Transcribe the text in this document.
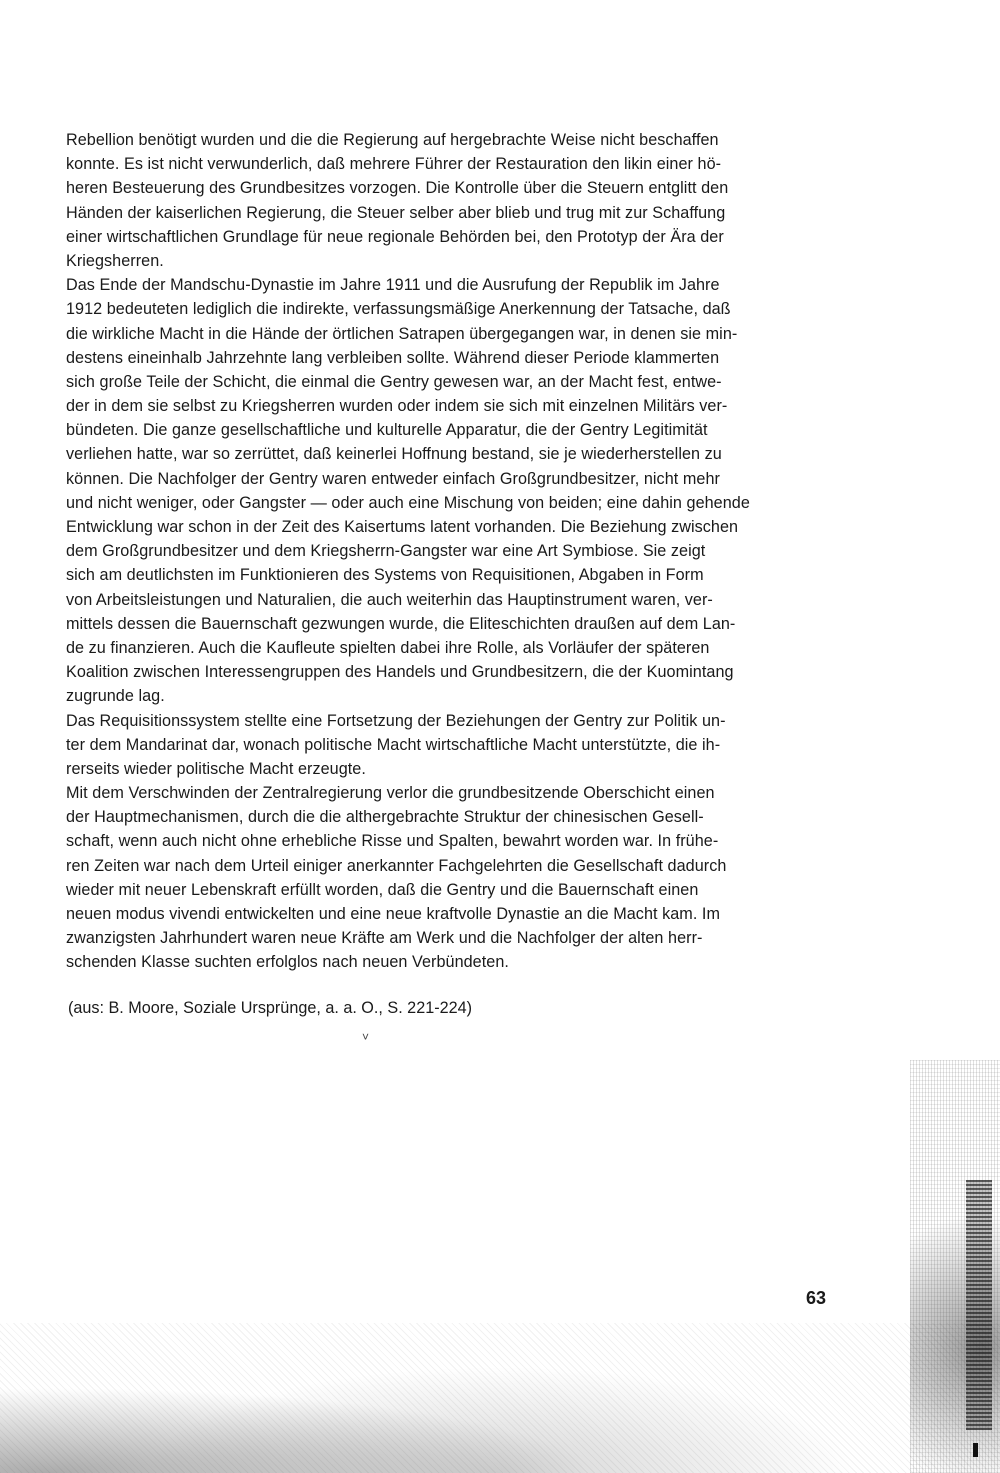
Rebellion benötigt wurden und die die Regierung auf hergebrachte Weise nicht beschaffen
konnte. Es ist nicht verwunderlich, daß mehrere Führer der Restauration den likin einer hö-
heren Besteuerung des Grundbesitzes vorzogen. Die Kontrolle über die Steuern entglitt den
Händen der kaiserlichen Regierung, die Steuer selber aber blieb und trug mit zur Schaffung
einer wirtschaftlichen Grundlage für neue regionale Behörden bei, den Prototyp der Ära der
Kriegsherren.
Das Ende der Mandschu-Dynastie im Jahre 1911 und die Ausrufung der Republik im Jahre
1912 bedeuteten lediglich die indirekte, verfassungsmäßige Anerkennung der Tatsache, daß
die wirkliche Macht in die Hände der örtlichen Satrapen übergegangen war, in denen sie min-
destens eineinhalb Jahrzehnte lang verbleiben sollte. Während dieser Periode klammerten
sich große Teile der Schicht, die einmal die Gentry gewesen war, an der Macht fest, entwe-
der in dem sie selbst zu Kriegsherren wurden oder indem sie sich mit einzelnen Militärs ver-
bündeten. Die ganze gesellschaftliche und kulturelle Apparatur, die der Gentry Legitimität
verliehen hatte, war so zerrüttet, daß keinerlei Hoffnung bestand, sie je wiederherstellen zu
können. Die Nachfolger der Gentry waren entweder einfach Großgrundbesitzer, nicht mehr
und nicht weniger, oder Gangster — oder auch eine Mischung von beiden; eine dahin gehende
Entwicklung war schon in der Zeit des Kaisertums latent vorhanden. Die Beziehung zwischen
dem Großgrundbesitzer und dem Kriegsherrn-Gangster war eine Art Symbiose. Sie zeigt
sich am deutlichsten im Funktionieren des Systems von Requisitionen, Abgaben in Form
von Arbeitsleistungen und Naturalien, die auch weiterhin das Hauptinstrument waren, ver-
mittels dessen die Bauernschaft gezwungen wurde, die Eliteschichten draußen auf dem Lan-
de zu finanzieren. Auch die Kaufleute spielten dabei ihre Rolle, als Vorläufer der späteren
Koalition zwischen Interessengruppen des Handels und Grundbesitzern, die der Kuomintang
zugrunde lag.
Das Requisitionssystem stellte eine Fortsetzung der Beziehungen der Gentry zur Politik un-
ter dem Mandarinat dar, wonach politische Macht wirtschaftliche Macht unterstützte, die ih-
rerseits wieder politische Macht erzeugte.
Mit dem Verschwinden der Zentralregierung verlor die grundbesitzende Oberschicht einen
der Hauptmechanismen, durch die die althergebrachte Struktur der chinesischen Gesell-
schaft, wenn auch nicht ohne erhebliche Risse und Spalten, bewahrt worden war. In frühe-
ren Zeiten war nach dem Urteil einiger anerkannter Fachgelehrten die Gesellschaft dadurch
wieder mit neuer Lebenskraft erfüllt worden, daß die Gentry und die Bauernschaft einen
neuen modus vivendi entwickelten und eine neue kraftvolle Dynastie an die Macht kam. Im
zwanzigsten Jahrhundert waren neue Kräfte am Werk und die Nachfolger der alten herr-
schenden Klasse suchten erfolglos nach neuen Verbündeten.
(aus: B. Moore, Soziale Ursprünge, a. a. O., S. 221-224)
˅
63
